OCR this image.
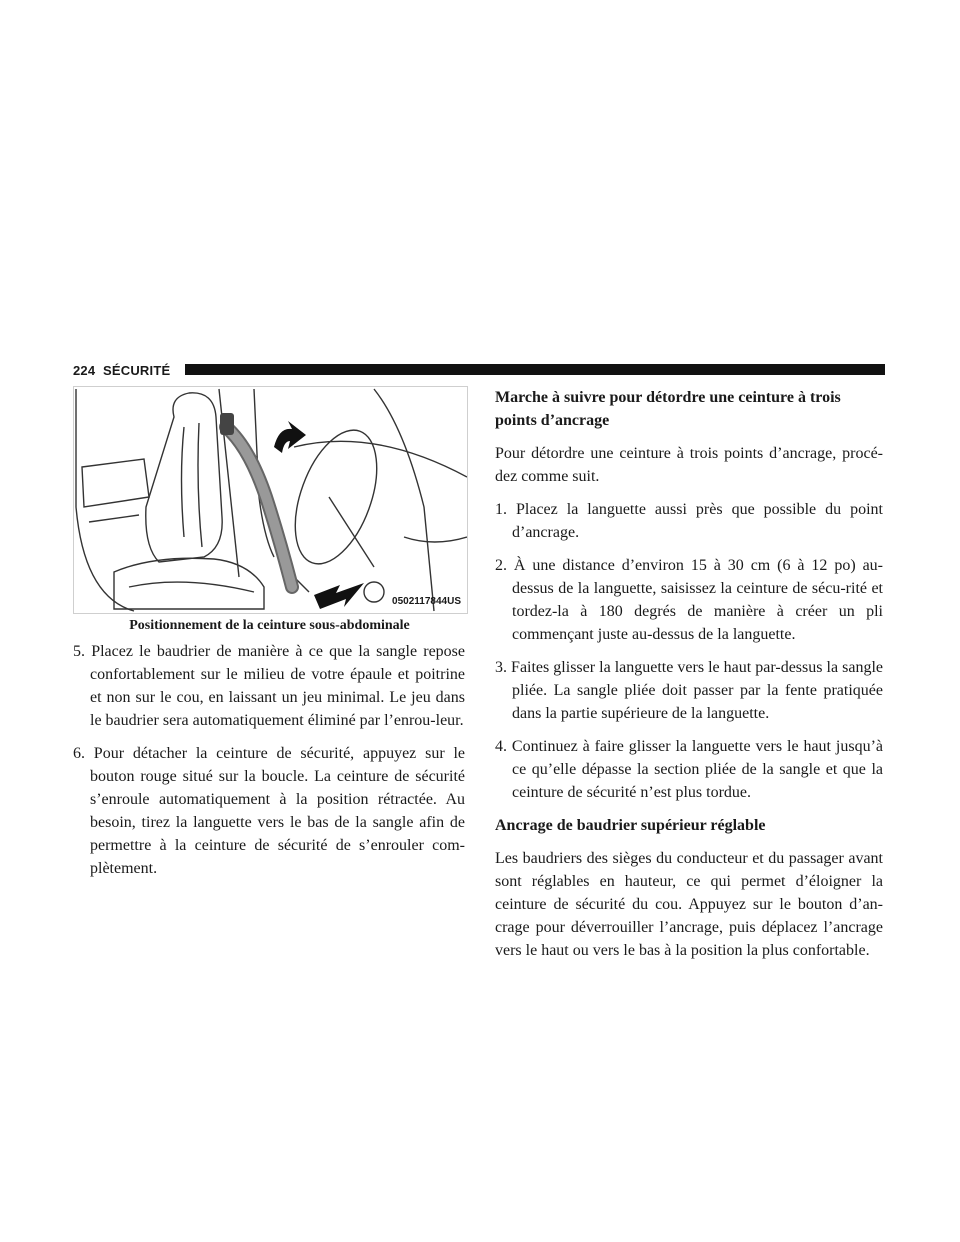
224 SÉCURITÉ
0502117844US
Positionnement de la ceinture sous-abdominale

5. Placez le baudrier de manière à ce que la sangle repose confortablement sur le milieu de votre épaule et poitrine et non sur le cou, en laissant un jeu minimal. Le jeu dans le baudrier sera automatiquement éliminé par l’enrou-leur.

6. Pour détacher la ceinture de sécurité, appuyez sur le bouton rouge situé sur la boucle. La ceinture de sécurité s’enroule automatiquement à la position rétractée. Au besoin, tirez la languette vers le bas de la sangle afin de permettre à la ceinture de sécurité de s’enrouler com-plètement.

Marche à suivre pour détordre une ceinture à trois points d’ancrage

Pour détordre une ceinture à trois points d’ancrage, procé-dez comme suit.

1. Placez la languette aussi près que possible du point d’ancrage.

2. À une distance d’environ 15 à 30 cm (6 à 12 po) au-dessus de la languette, saisissez la ceinture de sécu-rité et tordez-la à 180 degrés de manière à créer un pli commençant juste au-dessus de la languette.

3. Faites glisser la languette vers le haut par-dessus la sangle pliée. La sangle pliée doit passer par la fente pratiquée dans la partie supérieure de la languette.

4. Continuez à faire glisser la languette vers le haut jusqu’à ce qu’elle dépasse la section pliée de la sangle et que la ceinture de sécurité n’est plus tordue.

Ancrage de baudrier supérieur réglable

Les baudriers des sièges du conducteur et du passager avant sont réglables en hauteur, ce qui permet d’éloigner la ceinture de sécurité du cou. Appuyez sur le bouton d’an-crage pour déverrouiller l’ancrage, puis déplacez l’ancrage vers le haut ou vers le bas à la position la plus confortable.
